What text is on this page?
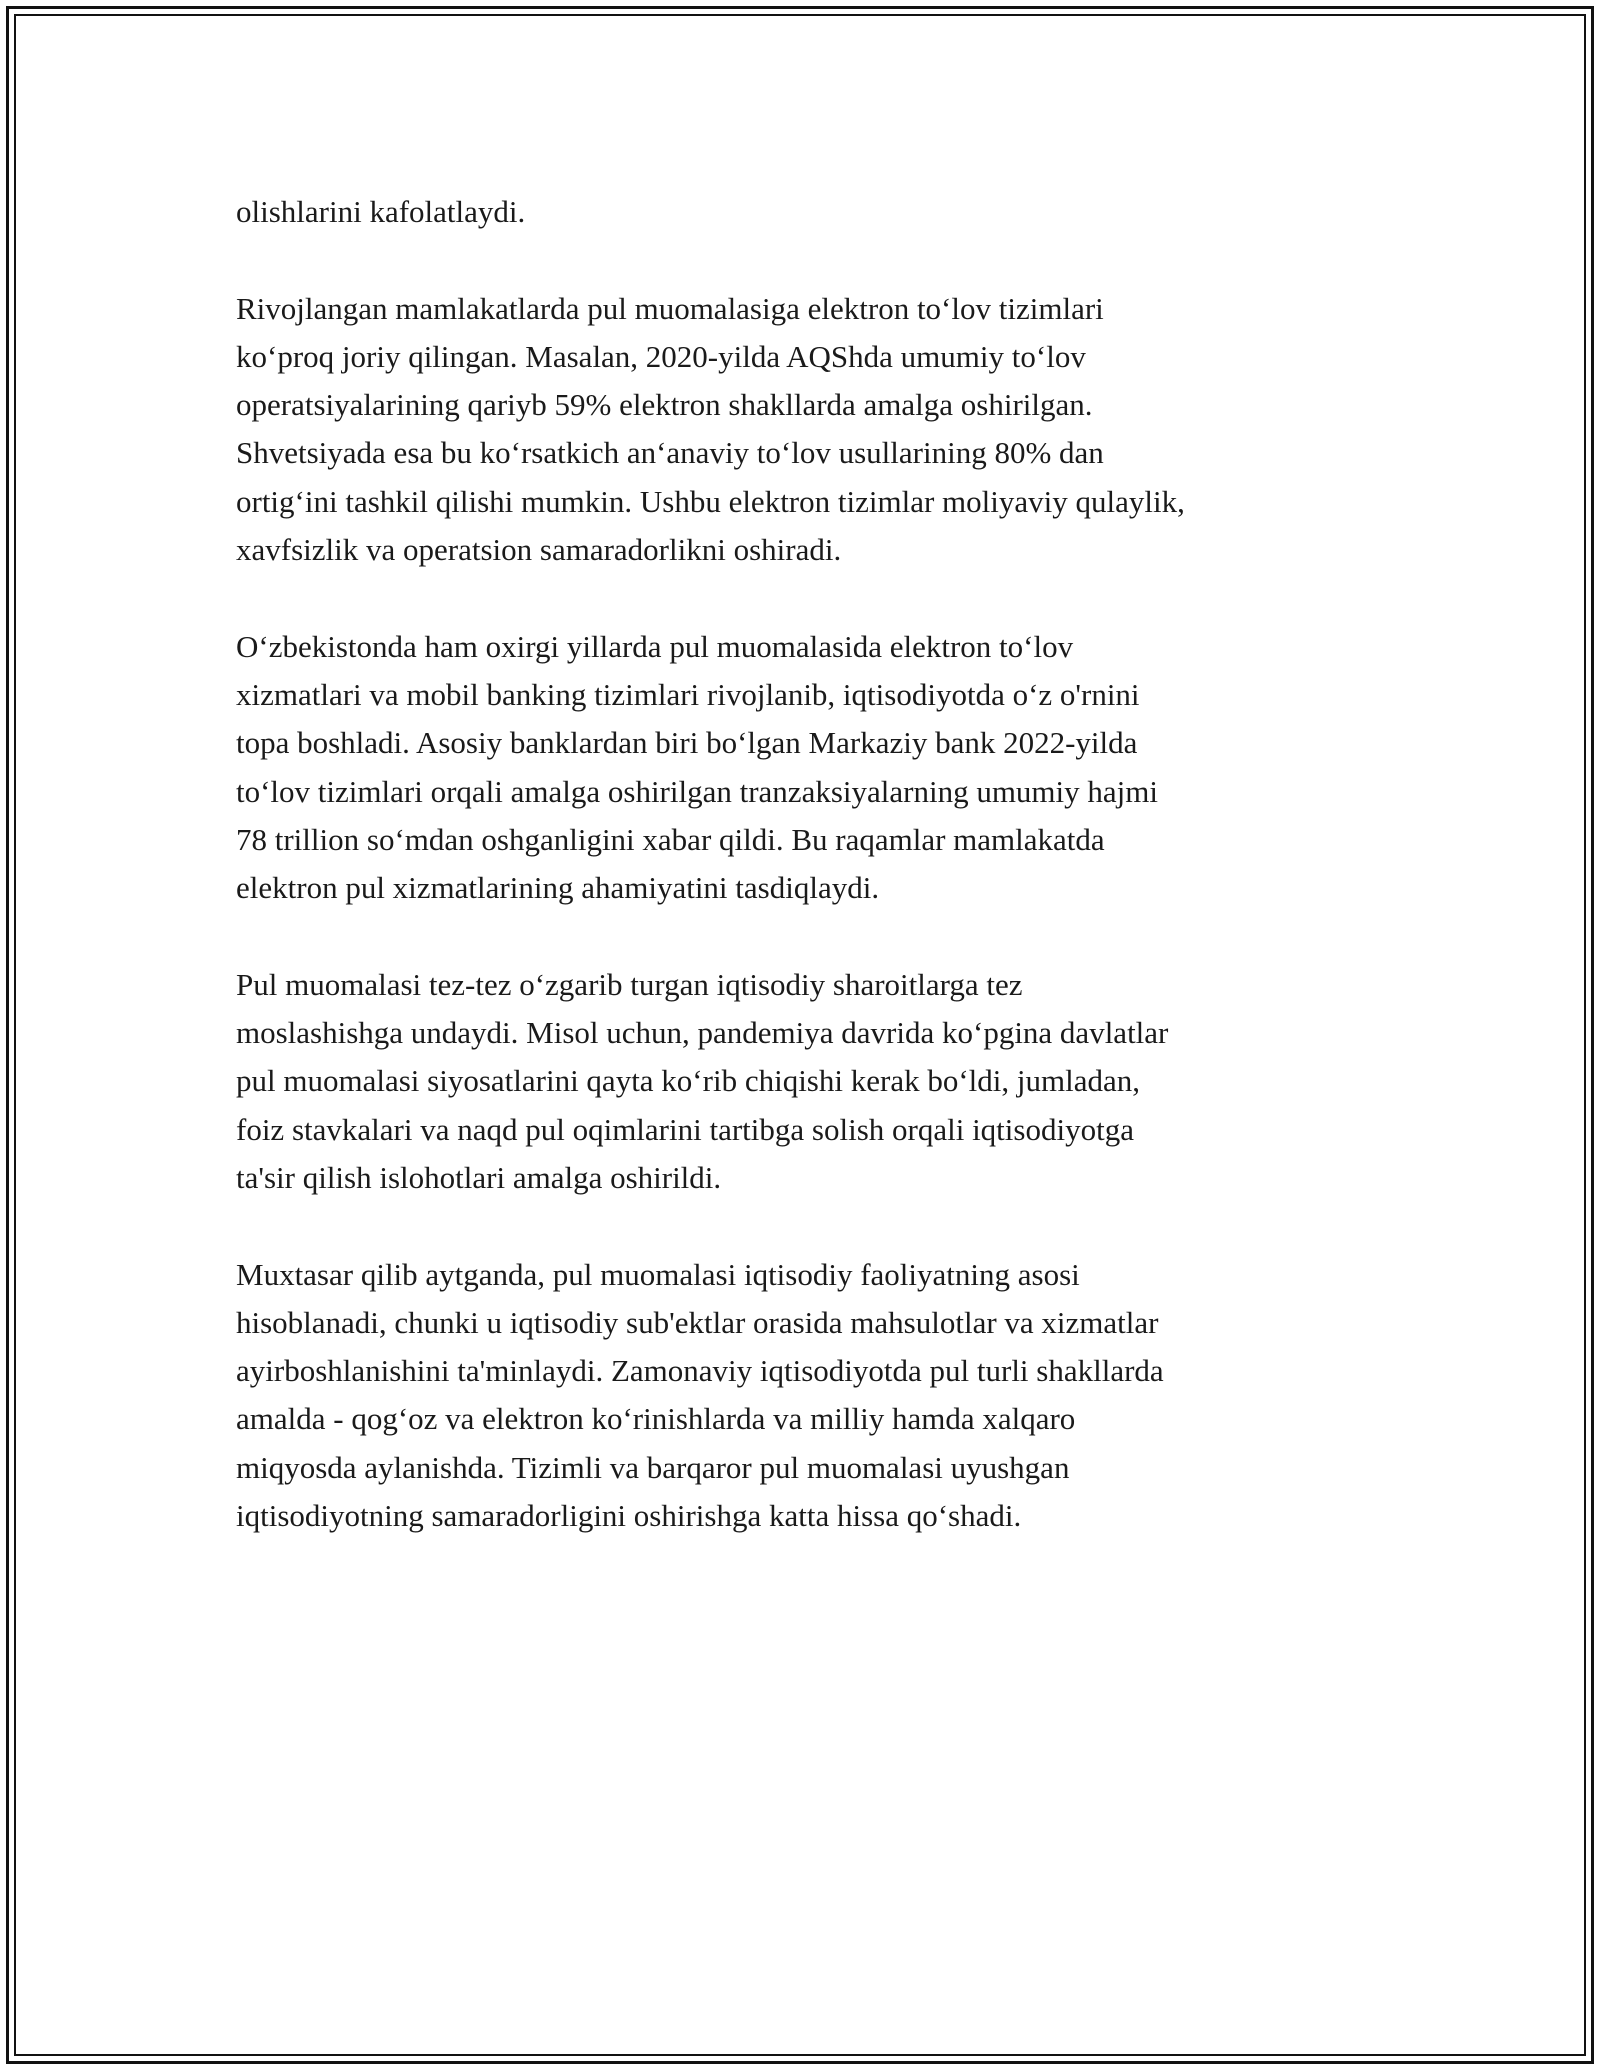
olishlarini kafolatlaydi.
Rivojlangan mamlakatlarda pul muomalasiga elektron to‘lov tizimlari
ko‘proq joriy qilingan. Masalan, 2020-yilda AQShda umumiy to‘lov
operatsiyalarining qariyb 59% elektron shakllarda amalga oshirilgan.
Shvetsiyada esa bu ko‘rsatkich an‘anaviy to‘lov usullarining 80% dan
ortig‘ini tashkil qilishi mumkin. Ushbu elektron tizimlar moliyaviy qulaylik,
xavfsizlik va operatsion samaradorlikni oshiradi.
O‘zbekistonda ham oxirgi yillarda pul muomalasida elektron to‘lov
xizmatlari va mobil banking tizimlari rivojlanib, iqtisodiyotda o‘z o'rnini
topa boshladi. Asosiy banklardan biri bo‘lgan Markaziy bank 2022-yilda
to‘lov tizimlari orqali amalga oshirilgan tranzaksiyalarning umumiy hajmi
78 trillion so‘mdan oshganligini xabar qildi. Bu raqamlar mamlakatda
elektron pul xizmatlarining ahamiyatini tasdiqlaydi.
Pul muomalasi tez-tez o‘zgarib turgan iqtisodiy sharoitlarga tez
moslashishga undaydi. Misol uchun, pandemiya davrida ko‘pgina davlatlar
pul muomalasi siyosatlarini qayta ko‘rib chiqishi kerak bo‘ldi, jumladan,
foiz stavkalari va naqd pul oqimlarini tartibga solish orqali iqtisodiyotga
ta'sir qilish islohotlari amalga oshirildi.
Muxtasar qilib aytganda, pul muomalasi iqtisodiy faoliyatning asosi
hisoblanadi, chunki u iqtisodiy sub'ektlar orasida mahsulotlar va xizmatlar
ayirboshlanishini ta'minlaydi. Zamonaviy iqtisodiyotda pul turli shakllarda
amalda - qog‘oz va elektron ko‘rinishlarda va milliy hamda xalqaro
miqyosda aylanishda. Tizimli va barqaror pul muomalasi uyushgan
iqtisodiyotning samaradorligini oshirishga katta hissa qo‘shadi.
